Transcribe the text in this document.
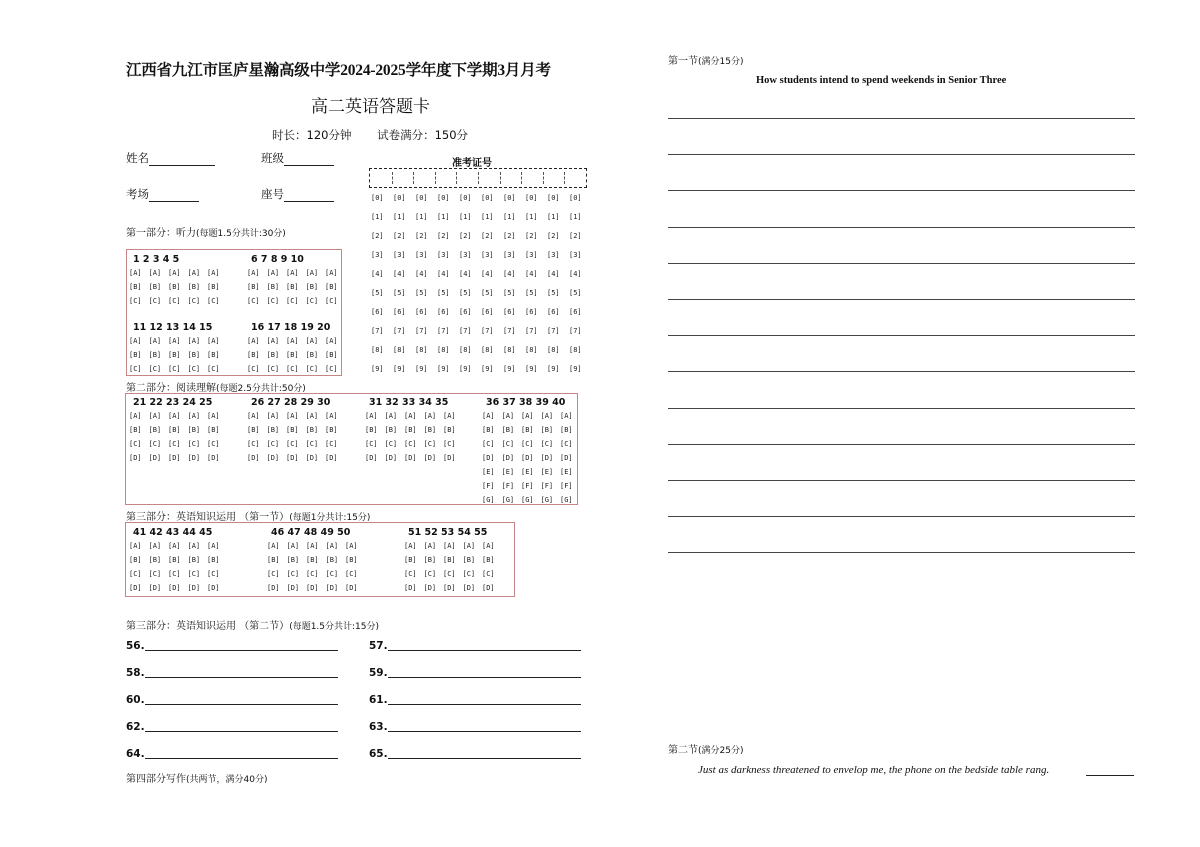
江西省九江市匡庐星瀚高级中学2024-2025学年度下学期3月月考
高二英语答题卡
时长：120分钟 试卷满分：150分
姓名	班级
考场	座号
准考证号
[0] [0] [0] [0] [0] [0] [0] [0] [0] [0]
[1] [1] [1] [1] [1] [1] [1] [1] [1] [1]
[2] [2] [2] [2] [2] [2] [2] [2] [2] [2]
[3] [3] [3] [3] [3] [3] [3] [3] [3] [3]
[4] [4] [4] [4] [4] [4] [4] [4] [4] [4]
[5] [5] [5] [5] [5] [5] [5] [5] [5] [5]
[6] [6] [6] [6] [6] [6] [6] [6] [6] [6]
[7] [7] [7] [7] [7] [7] [7] [7] [7] [7]
[8] [8] [8] [8] [8] [8] [8] [8] [8] [8]
[9] [9] [9] [9] [9] [9] [9] [9] [9] [9]
第一部分：听力(每题1.5分共计:30分)
1 2 3 4 5
[A] [A] [A] [A] [A]
[B] [B] [B] [B] [B]
[C] [C] [C] [C] [C]
6 7 8 9 10
[A] [A] [A] [A] [A]
[B] [B] [B] [B] [B]
[C] [C] [C] [C] [C]
11 12 13 14 15
[A] [A] [A] [A] [A]
[B] [B] [B] [B] [B]
[C] [C] [C] [C] [C]
16 17 18 19 20
[A] [A] [A] [A] [A]
[B] [B] [B] [B] [B]
[C] [C] [C] [C] [C]
第二部分：阅读理解(每题2.5分共计:50分)
21 22 23 24 25
[A] [A] [A] [A] [A]
[B] [B] [B] [B] [B]
[C] [C] [C] [C] [C]
[D] [D] [D] [D] [D]
26 27 28 29 30
[A] [A] [A] [A] [A]
[B] [B] [B] [B] [B]
[C] [C] [C] [C] [C]
[D] [D] [D] [D] [D]
31 32 33 34 35
[A] [A] [A] [A] [A]
[B] [B] [B] [B] [B]
[C] [C] [C] [C] [C]
[D] [D] [D] [D] [D]
36 37 38 39 40
[A] [A] [A] [A] [A]
[B] [B] [B] [B] [B]
[C] [C] [C] [C] [C]
[D] [D] [D] [D] [D]
[E] [E] [E] [E] [E]
[F] [F] [F] [F] [F]
[G] [G] [G] [G] [G]
第三部分：英语知识运用 （第一节）(每题1分共计:15分)
41 42 43 44 45
[A] [A] [A] [A] [A]
[B] [B] [B] [B] [B]
[C] [C] [C] [C] [C]
[D] [D] [D] [D] [D]
46 47 48 49 50
[A] [A] [A] [A] [A]
[B] [B] [B] [B] [B]
[C] [C] [C] [C] [C]
[D] [D] [D] [D] [D]
51 52 53 54 55
[A] [A] [A] [A] [A]
[B] [B] [B] [B] [B]
[C] [C] [C] [C] [C]
[D] [D] [D] [D] [D]
第三部分：英语知识运用 （第二节）(每题1.5分共计:15分)
56.	57.
58.	59.
60.	61.
62.	63.
64.	65.
第四部分写作(共两节，满分40分)
第一节(满分15分)
How students intend to spend weekends in Senior Three
第二节(满分25分)
Just as darkness threatened to envelop me, the phone on the bedside table rang.
